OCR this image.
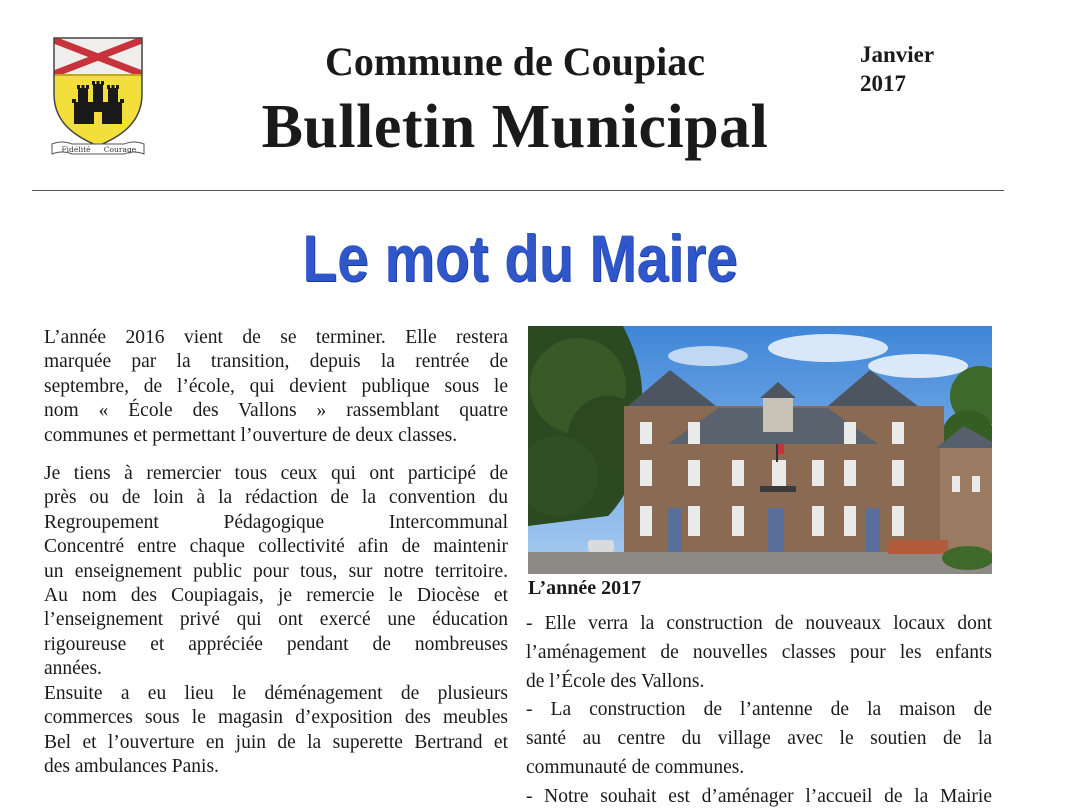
Fidélité Courage
Commune de Coupiac
Bulletin Municipal
Janvier
2017
Le mot du Maire

L’année 2016 vient de se terminer. Elle restera
marquée par la transition, depuis la rentrée de
septembre, de l’école, qui devient publique sous le
nom « École des Vallons » rassemblant quatre
communes et permettant l’ouverture de deux classes.

Je tiens à remercier tous ceux qui ont participé de
près ou de loin à la rédaction de la convention du
Regroupement Pédagogique Intercommunal
Concentré entre chaque collectivité afin de maintenir
un enseignement public pour tous, sur notre territoire.
Au nom des Coupiagais, je remercie le Diocèse et
l’enseignement privé qui ont exercé une éducation
rigoureuse et appréciée pendant de nombreuses
années.

Ensuite a eu lieu le déménagement de plusieurs
commerces sous le magasin d’exposition des meubles
Bel et l’ouverture en juin de la superette Bertrand et
des ambulances Panis.

L’année 2017

- Elle verra la construction de nouveaux locaux dont

l’aménagement de nouvelles classes pour les enfants

de l’École des Vallons.

- La construction de l’antenne de la maison de

santé au centre du village avec le soutien de la

communauté de communes.

- Notre souhait est d’aménager l’accueil de la Mairie
